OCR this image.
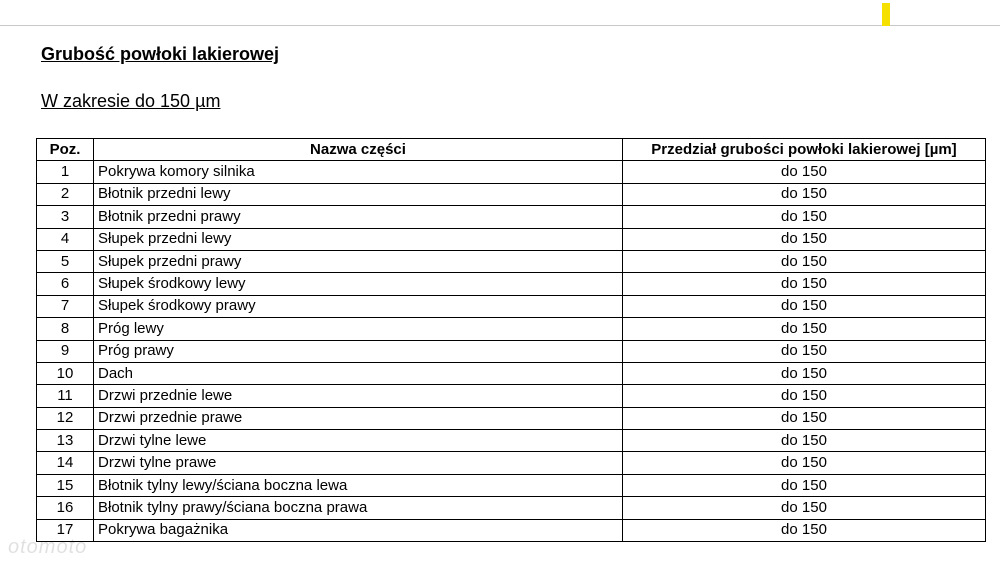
Grubość powłoki lakierowej
W zakresie do 150 µm
Poz.	Nazwa części	Przedział grubości powłoki lakierowej [µm]
1	Pokrywa komory silnika	do 150
2	Błotnik przedni lewy	do 150
3	Błotnik przedni prawy	do 150
4	Słupek przedni lewy	do 150
5	Słupek przedni prawy	do 150
6	Słupek środkowy lewy	do 150
7	Słupek środkowy prawy	do 150
8	Próg lewy	do 150
9	Próg prawy	do 150
10	Dach	do 150
11	Drzwi przednie lewe	do 150
12	Drzwi przednie prawe	do 150
13	Drzwi tylne lewe	do 150
14	Drzwi tylne prawe	do 150
15	Błotnik tylny lewy/ściana boczna lewa	do 150
16	Błotnik tylny prawy/ściana boczna prawa	do 150
17	Pokrywa bagażnika	do 150
otomoto
